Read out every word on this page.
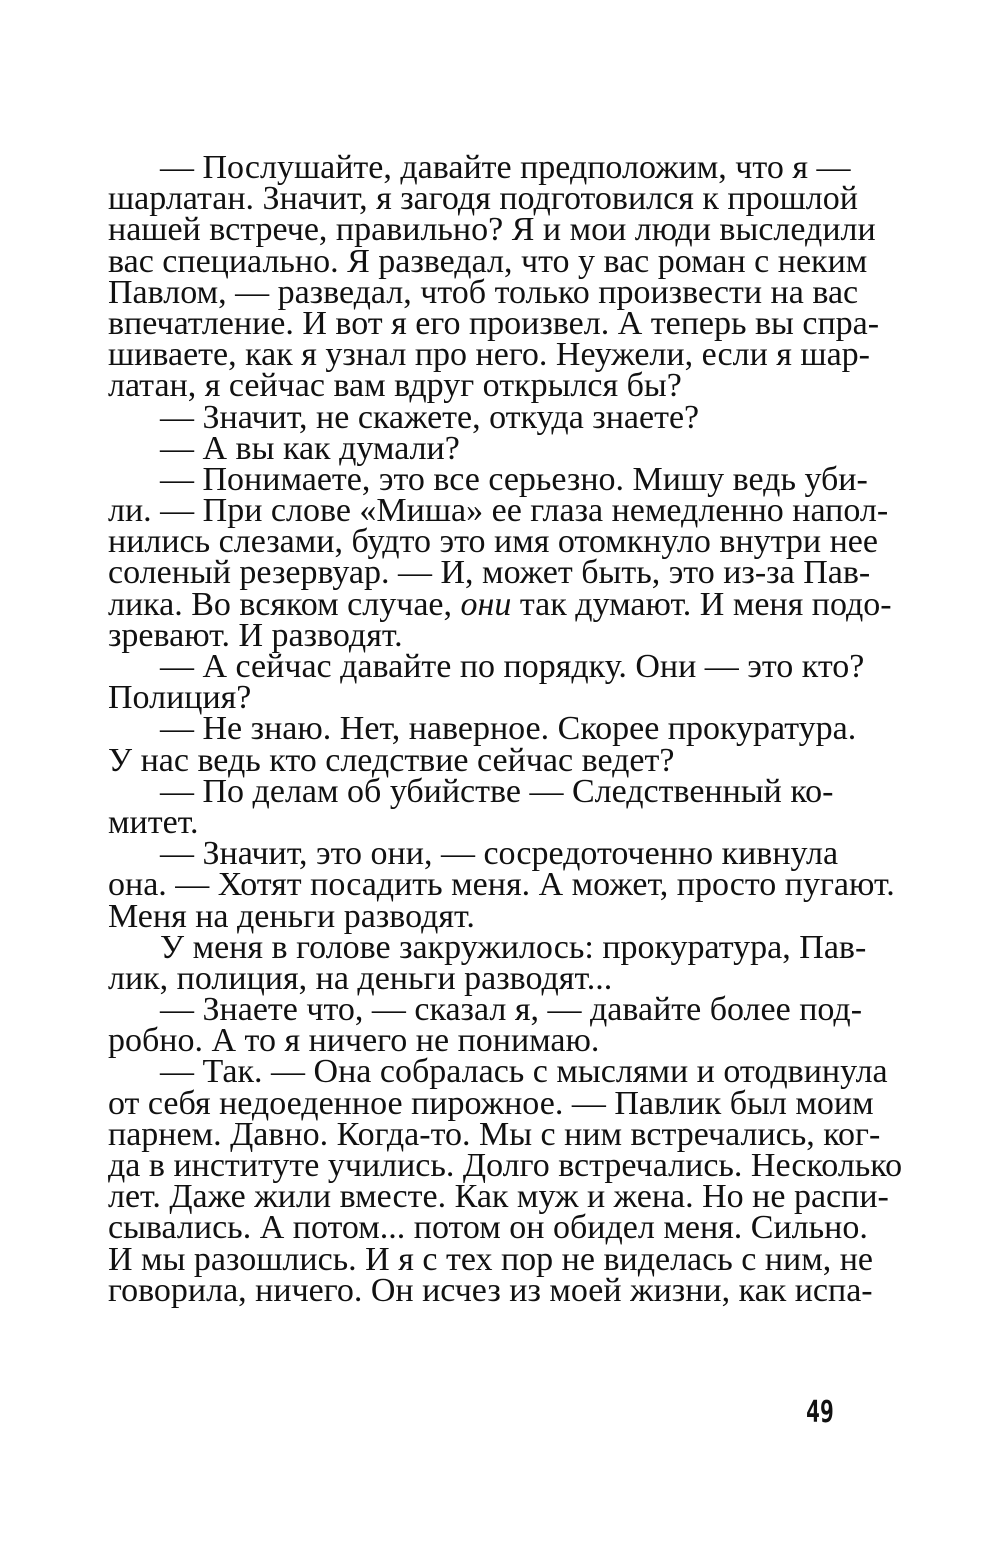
— Послушайте, давайте предположим, что я —
шарлатан. Значит, я загодя подготовился к прошлой
нашей встрече, правильно? Я и мои люди выследили
вас специально. Я разведал, что у вас роман с неким
Павлом, — разведал, чтоб только произвести на вас
впечатление. И вот я его произвел. А теперь вы спра-
шиваете, как я узнал про него. Неужели, если я шар-
латан, я сейчас вам вдруг открылся бы?
— Значит, не скажете, откуда знаете?
— А вы как думали?
— Понимаете, это все серьезно. Мишу ведь уби-
ли. — При слове «Миша» ее глаза немедленно напол-
нились слезами, будто это имя отомкнуло внутри нее
соленый резервуар. — И, может быть, это из-за Пав-
лика. Во всяком случае, они так думают. И меня подо-
зревают. И разводят.
— А сейчас давайте по порядку. Они — это кто?
Полиция?
— Не знаю. Нет, наверное. Скорее прокуратура.
У нас ведь кто следствие сейчас ведет?
— По делам об убийстве — Следственный ко-
митет.
— Значит, это они, — сосредоточенно кивнула
она. — Хотят посадить меня. А может, просто пугают.
Меня на деньги разводят.
У меня в голове закружилось: прокуратура, Пав-
лик, полиция, на деньги разводят...
— Знаете что, — сказал я, — давайте более под-
робно. А то я ничего не понимаю.
— Так. — Она собралась с мыслями и отодвинула
от себя недоеденное пирожное. — Павлик был моим
парнем. Давно. Когда-то. Мы с ним встречались, ког-
да в институте учились. Долго встречались. Несколько
лет. Даже жили вместе. Как муж и жена. Но не распи-
сывались. А потом... потом он обидел меня. Сильно.
И мы разошлись. И я с тех пор не виделась с ним, не
говорила, ничего. Он исчез из моей жизни, как испа-
49
